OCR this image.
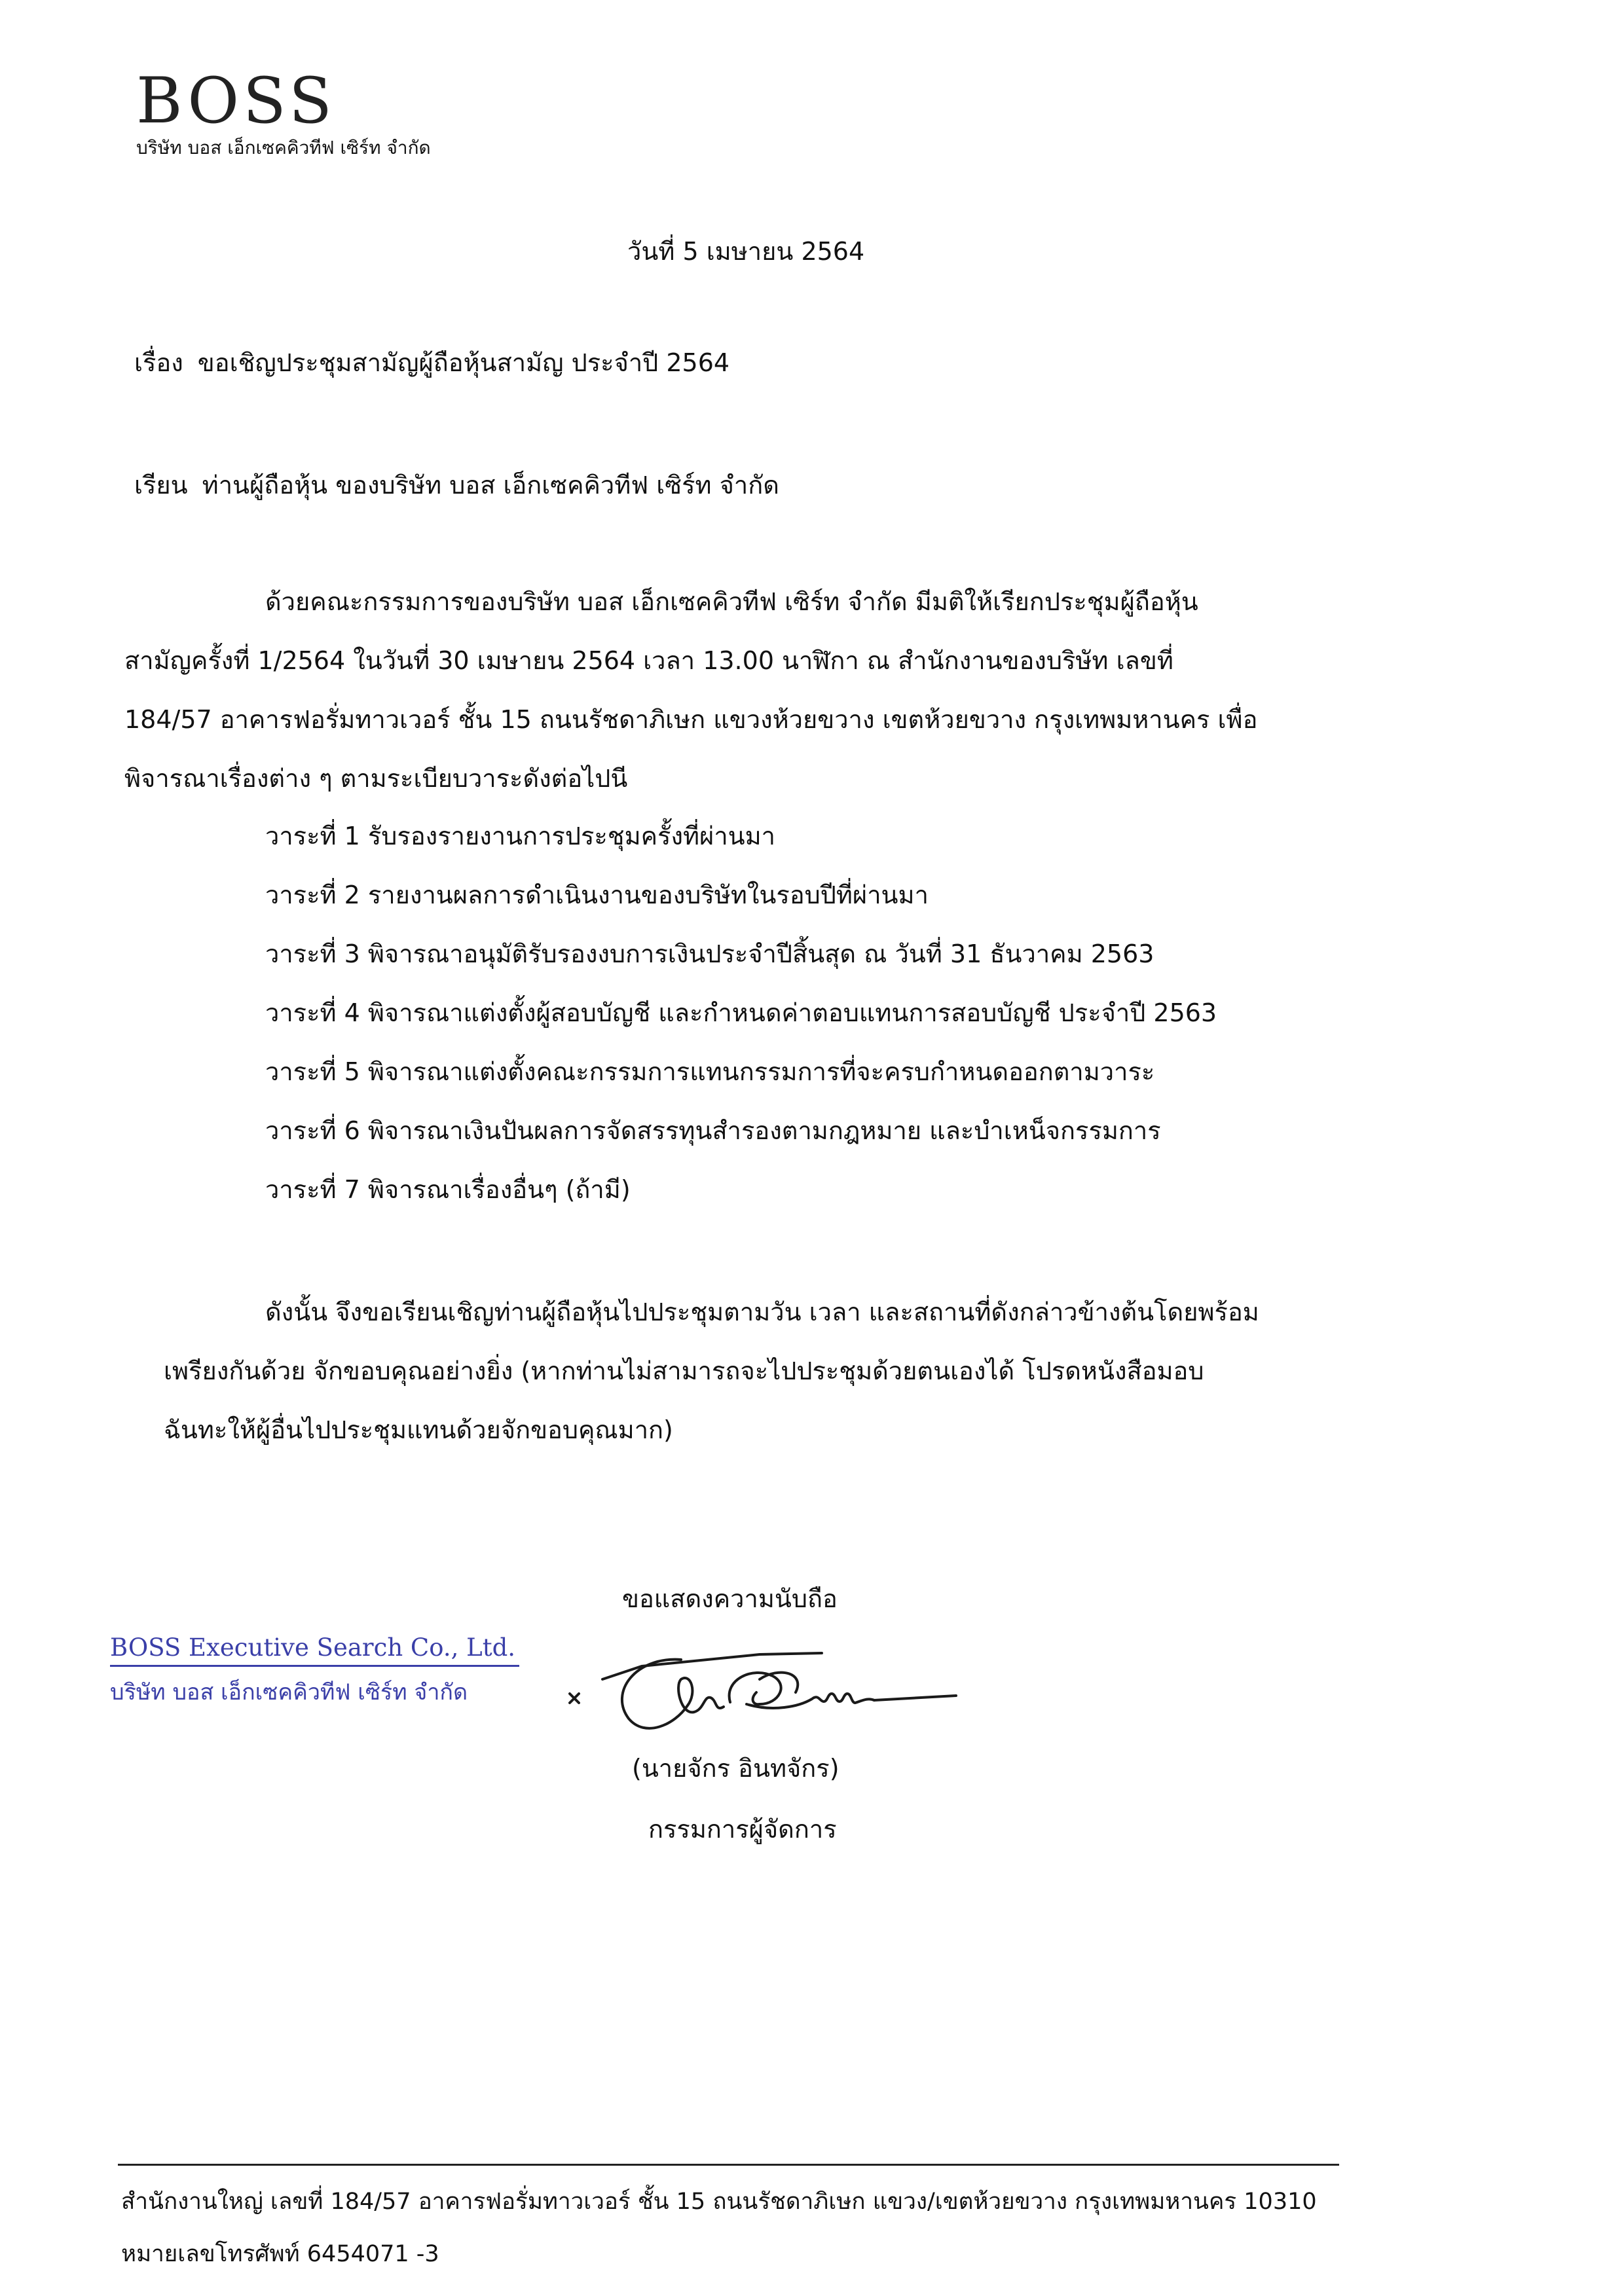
BOSS
บริษัท บอส เอ็กเซคคิวทีฟ เซิร์ท จำกัด
วันที่ 5 เมษายน 2564
เรื่อง ขอเชิญประชุมสามัญผู้ถือหุ้นสามัญ ประจำปี 2564
เรียน ท่านผู้ถือหุ้น ของบริษัท บอส เอ็กเซคคิวทีฟ เซิร์ท จำกัด
ด้วยคณะกรรมการของบริษัท บอส เอ็กเซคคิวทีฟ เซิร์ท จำกัด มีมติให้เรียกประชุมผู้ถือหุ้น
สามัญครั้งที่ 1/2564 ในวันที่ 30 เมษายน 2564 เวลา 13.00 นาฬิกา ณ สำนักงานของบริษัท เลขที่
184/57 อาคารฟอรั่มทาวเวอร์ ชั้น 15 ถนนรัชดาภิเษก แขวงห้วยขวาง เขตห้วยขวาง กรุงเทพมหานคร เพื่อ
พิจารณาเรื่องต่าง ๆ ตามระเบียบวาระดังต่อไปนี
วาระที่ 1 รับรองรายงานการประชุมครั้งที่ผ่านมา
วาระที่ 2 รายงานผลการดำเนินงานของบริษัทในรอบปีที่ผ่านมา
วาระที่ 3 พิจารณาอนุมัติรับรองงบการเงินประจำปีสิ้นสุด ณ วันที่ 31 ธันวาคม 2563
วาระที่ 4 พิจารณาแต่งตั้งผู้สอบบัญชี และกำหนดค่าตอบแทนการสอบบัญชี ประจำปี 2563
วาระที่ 5 พิจารณาแต่งตั้งคณะกรรมการแทนกรรมการที่จะครบกำหนดออกตามวาระ
วาระที่ 6 พิจารณาเงินปันผลการจัดสรรทุนสำรองตามกฎหมาย และบำเหน็จกรรมการ
วาระที่ 7 พิจารณาเรื่องอื่นๆ (ถ้ามี)
ดังนั้น จึงขอเรียนเชิญท่านผู้ถือหุ้นไปประชุมตามวัน เวลา และสถานที่ดังกล่าวข้างต้นโดยพร้อม
เพรียงกันด้วย จักขอบคุณอย่างยิ่ง (หากท่านไม่สามารถจะไปประชุมด้วยตนเองได้ โปรดหนังสือมอบ
ฉันทะให้ผู้อื่นไปประชุมแทนด้วยจักขอบคุณมาก)
ขอแสดงความนับถือ
BOSS Executive Search Co., Ltd.
บริษัท บอส เอ็กเซคคิวทีฟ เซิร์ท จำกัด
(นายจักร อินทจักร)
กรรมการผู้จัดการ
สำนักงานใหญ่ เลขที่ 184/57 อาคารฟอรั่มทาวเวอร์ ชั้น 15 ถนนรัชดาภิเษก แขวง/เขตห้วยขวาง กรุงเทพมหานคร 10310
หมายเลขโทรศัพท์ 6454071 -3
